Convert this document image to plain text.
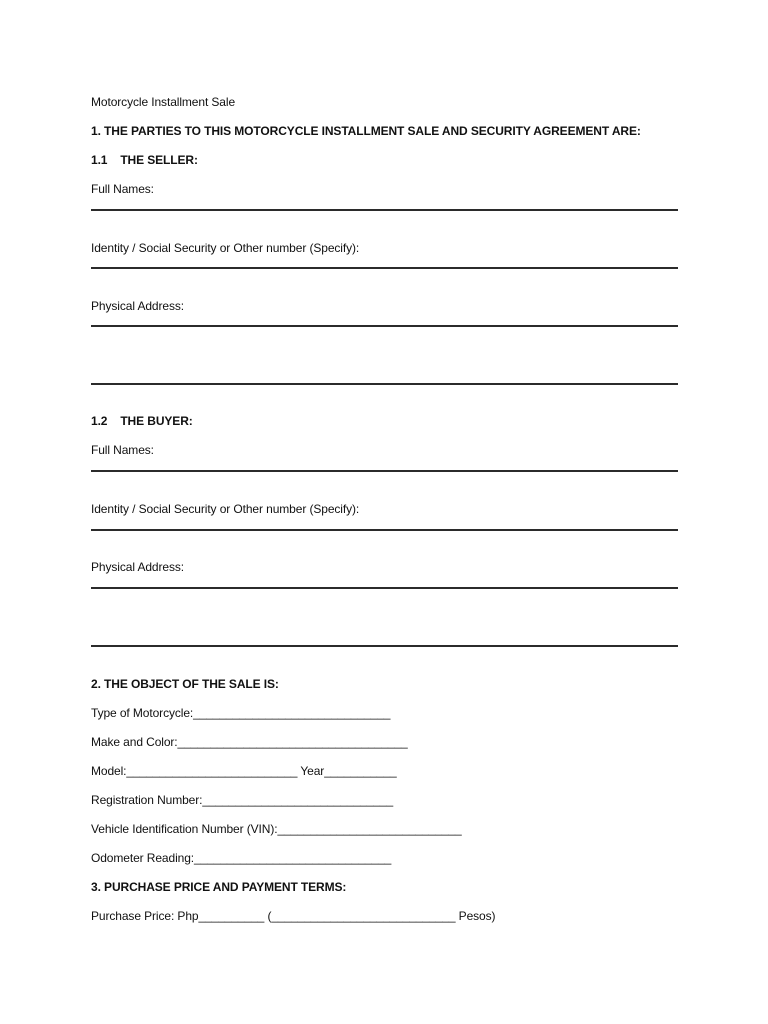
Motorcycle Installment Sale
1. THE PARTIES TO THIS MOTORCYCLE INSTALLMENT SALE AND SECURITY AGREEMENT ARE:
1.1    THE SELLER:
Full Names:
Identity / Social Security or Other number (Specify):
Physical Address:
1.2    THE BUYER:
Full Names:
Identity / Social Security or Other number (Specify):
Physical Address:
2. THE OBJECT OF THE SALE IS:
Type of Motorcycle:______________________________
Make and Color:___________________________________
Model:__________________________ Year___________
Registration Number:_____________________________
Vehicle Identification Number (VIN):____________________________
Odometer Reading:______________________________
3. PURCHASE PRICE AND PAYMENT TERMS:
Purchase Price: Php__________ (____________________________ Pesos)
